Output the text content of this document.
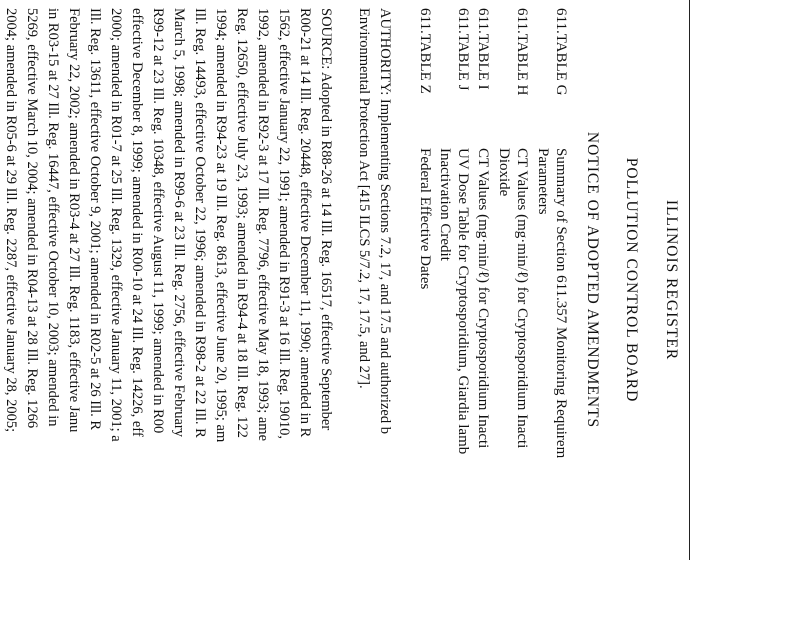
ILLINOIS REGISTER
POLLUTION CONTROL BOARD
NOTICE OF ADOPTED AMENDMENTS
611.TABLE G
Summary of Section 611.357 Monitoring Requirem
Parameters
611.TABLE H
CT Values (mg·min/ℓ) for Cryptosporidium Inacti
Dioxide
611.TABLE I
CT Values (mg·min/ℓ) for Cryptosporidium Inacti
611.TABLE J
UV Dose Table for Cryptosporidium, Giardia lamb
Inactivation Credit
611.TABLE Z
Federal Effective Dates
AUTHORITY: Implementing Sections 7.2, 17, and 17.5 and authorized b
Environmental Protection Act [415 ILCS 5/7.2, 17, 17.5, and 27].
SOURCE: Adopted in R88-26 at 14 Ill. Reg. 16517, effective September
R00-21 at 14 Ill. Reg. 20448, effective December 11, 1990; amended in R
1562, effective January 22, 1991; amended in R91-3 at 16 Ill. Reg. 19010,
1992, amended in R92-3 at 17 Ill. Reg. 7796, effective May 18, 1993; ame
Reg. 12650, effective July 23, 1993; amended in R94-4 at 18 Ill. Reg. 122
1994; amended in R94-23 at 19 Ill. Reg. 8613, effective June 20, 1995; am
Ill. Reg. 14493, effective October 22, 1996; amended in R98-2 at 22 Ill. R
March 5, 1998; amended in R99-6 at 23 Ill. Reg. 2756, effective February
R99-12 at 23 Ill. Reg. 10348, effective August 11, 1999; amended in R00
effective December 8, 1999; amended in R00-10 at 24 Ill. Reg. 14226, eff
2000; amended in R01-7 at 25 Ill. Reg. 1329, effective January 11, 2001; a
Ill. Reg. 13611, effective October 9, 2001; amended in R02-5 at 26 Ill. R
February 22, 2002; amended in R03-4 at 27 Ill. Reg. 1183, effective Janu
in R03-15 at 27 Ill. Reg. 16447, effective October 10, 2003; amended in
5269, effective March 10, 2004; amended in R04-13 at 28 Ill. Reg. 1266
2004; amended in R05-6 at 29 Ill. Reg. 2287, effective January 28, 2005;
